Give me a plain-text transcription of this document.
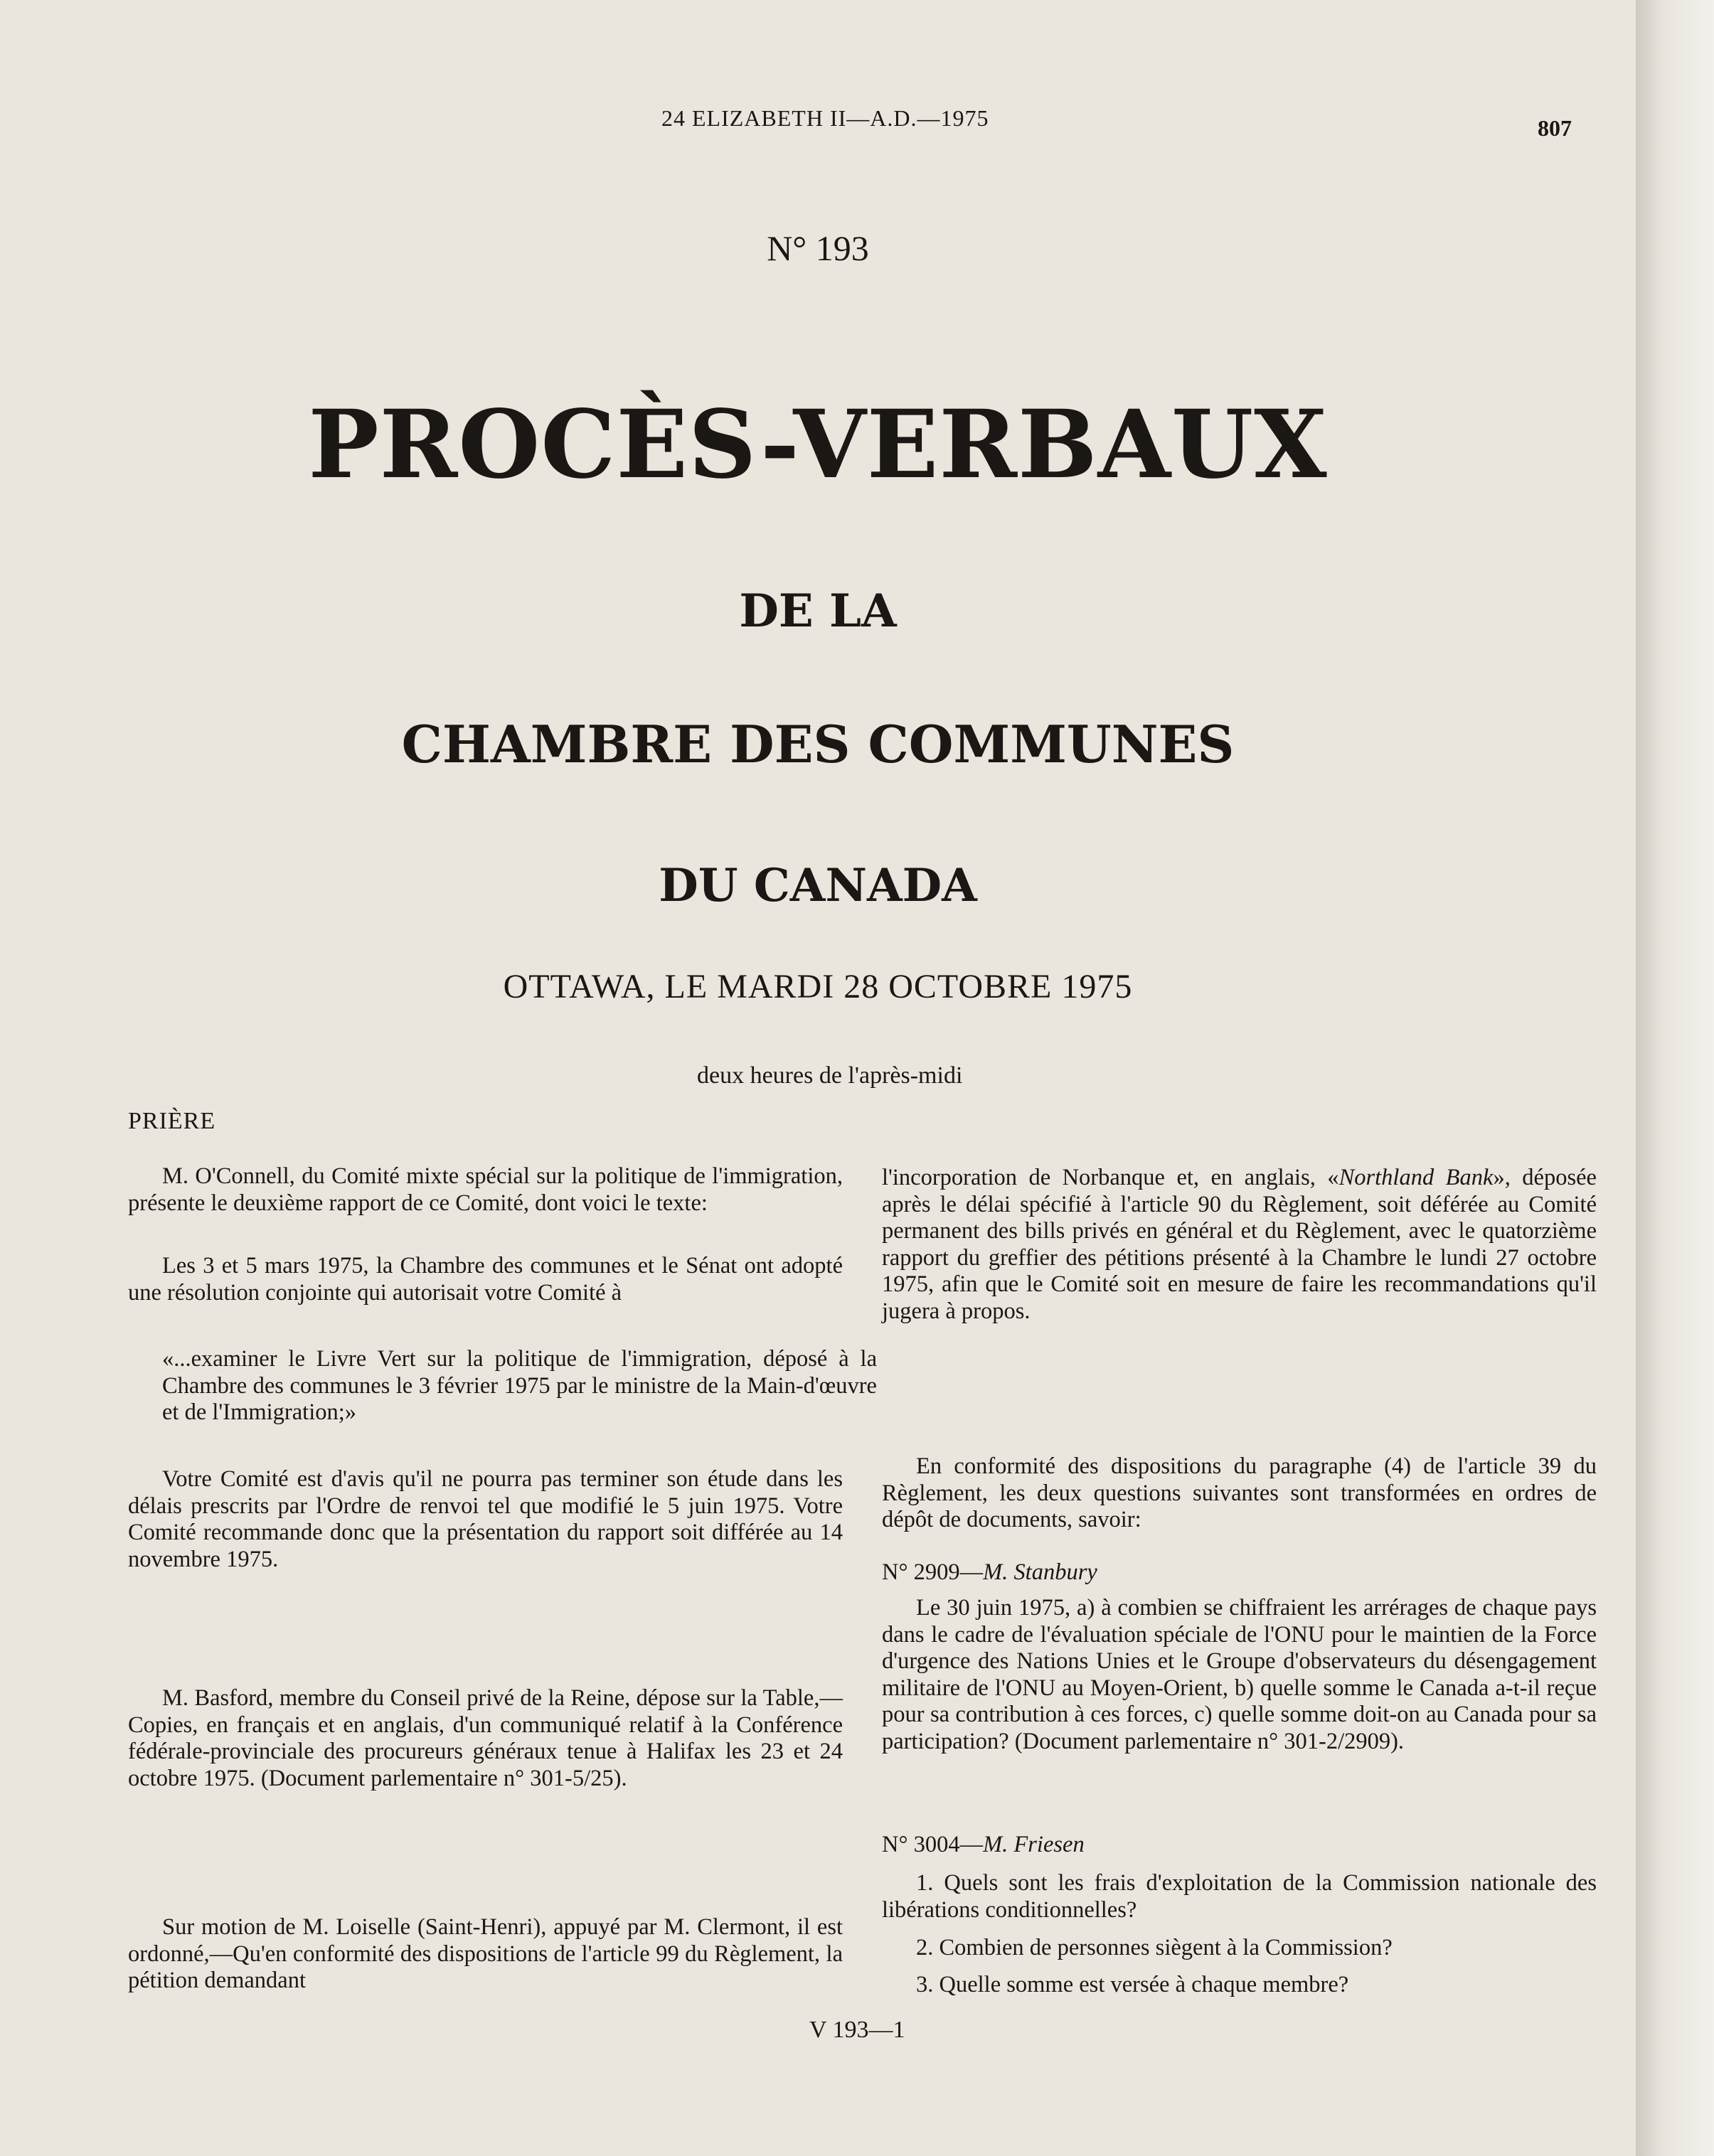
24 ELIZABETH II—A.D.—1975	807
N° 193
PROCÈS-VERBAUX
DE LA
CHAMBRE DES COMMUNES
DU CANADA
OTTAWA, LE MARDI 28 OCTOBRE 1975
deux heures de l'après-midi
PRIÈRE

M. O'Connell, du Comité mixte spécial sur la politique de l'immigration, présente le deuxième rapport de ce Comité, dont voici le texte:

Les 3 et 5 mars 1975, la Chambre des communes et le Sénat ont adopté une résolution conjointe qui autorisait votre Comité à

«...examiner le Livre Vert sur la politique de l'immigration, déposé à la Chambre des communes le 3 février 1975 par le ministre de la Main-d'œuvre et de l'Immigration;»

Votre Comité est d'avis qu'il ne pourra pas terminer son étude dans les délais prescrits par l'Ordre de renvoi tel que modifié le 5 juin 1975. Votre Comité recommande donc que la présentation du rapport soit différée au 14 novembre 1975.

M. Basford, membre du Conseil privé de la Reine, dépose sur la Table,—Copies, en français et en anglais, d'un communiqué relatif à la Conférence fédérale-provinciale des procureurs généraux tenue à Halifax les 23 et 24 octobre 1975. (Document parlementaire n° 301-5/25).

Sur motion de M. Loiselle (Saint-Henri), appuyé par M. Clermont, il est ordonné,—Qu'en conformité des dispositions de l'article 99 du Règlement, la pétition demandant

l'incorporation de Norbanque et, en anglais, «Northland Bank», déposée après le délai spécifié à l'article 90 du Règlement, soit déférée au Comité permanent des bills privés en général et du Règlement, avec le quatorzième rapport du greffier des pétitions présenté à la Chambre le lundi 27 octobre 1975, afin que le Comité soit en mesure de faire les recommandations qu'il jugera à propos.

En conformité des dispositions du paragraphe (4) de l'article 39 du Règlement, les deux questions suivantes sont transformées en ordres de dépôt de documents, savoir:

N° 2909—M. Stanbury

Le 30 juin 1975, a) à combien se chiffraient les arrérages de chaque pays dans le cadre de l'évaluation spéciale de l'ONU pour le maintien de la Force d'urgence des Nations Unies et le Groupe d'observateurs du désengagement militaire de l'ONU au Moyen-Orient, b) quelle somme le Canada a-t-il reçue pour sa contribution à ces forces, c) quelle somme doit-on au Canada pour sa participation? (Document parlementaire n° 301-2/2909).

N° 3004—M. Friesen

1. Quels sont les frais d'exploitation de la Commission nationale des libérations conditionnelles?

2. Combien de personnes siègent à la Commission?

3. Quelle somme est versée à chaque membre?

V 193—1
